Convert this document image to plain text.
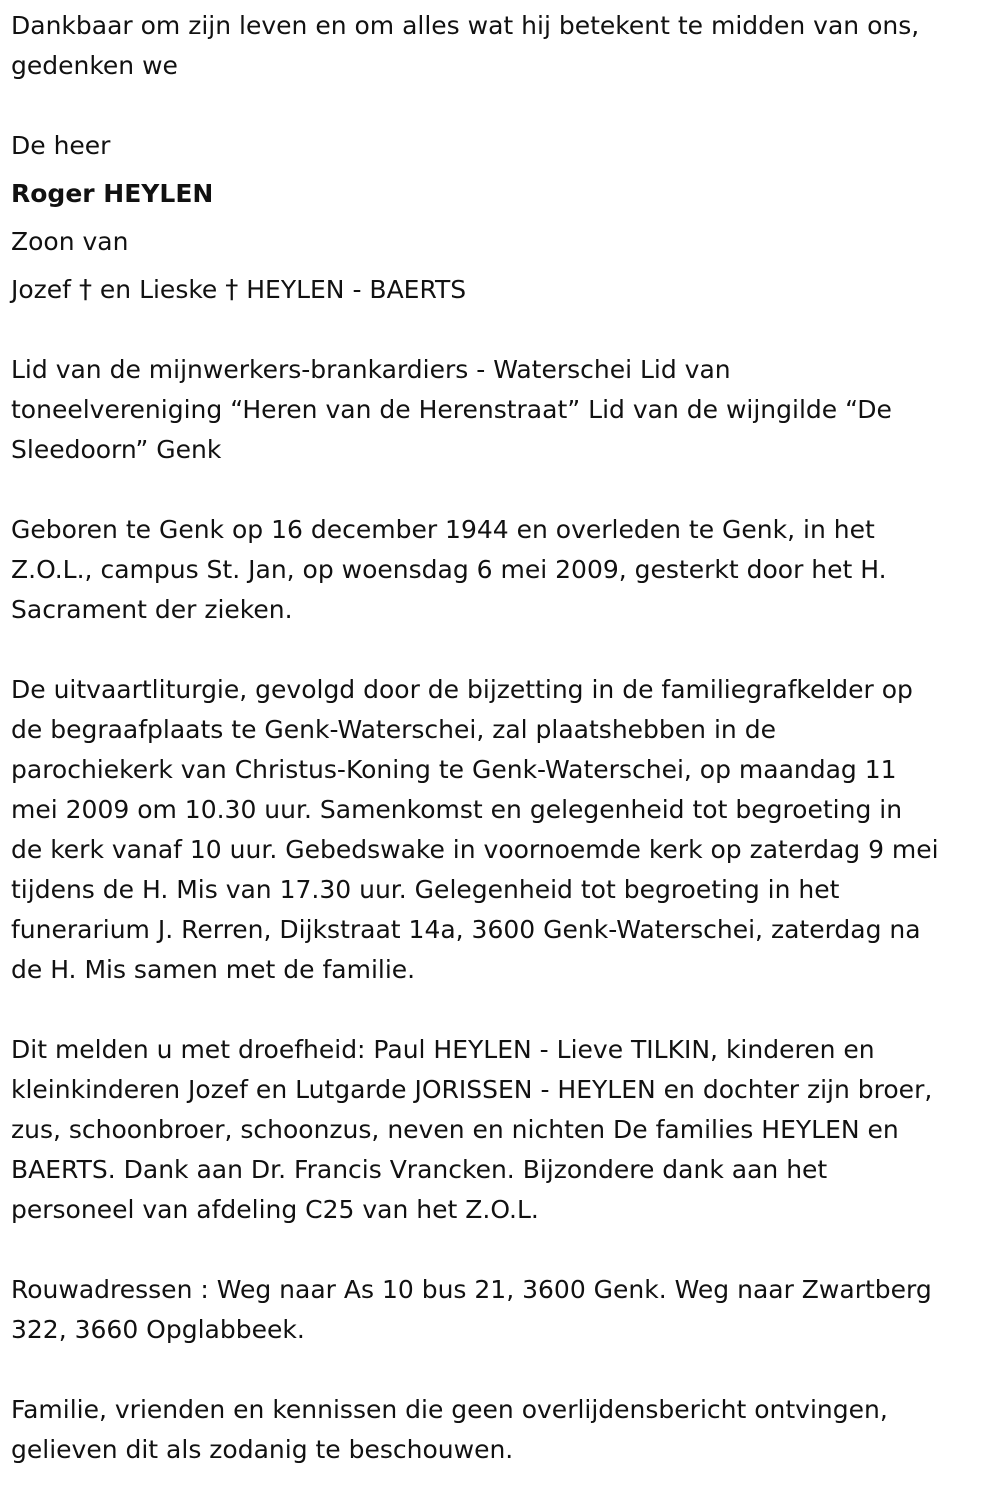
Dankbaar om zijn leven en om alles wat hij betekent te midden van ons,
gedenken we

De heer
Roger HEYLEN
Zoon van
Jozef † en Lieske † HEYLEN - BAERTS

Lid van de mijnwerkers-brankardiers - Waterschei Lid van
toneelvereniging “Heren van de Herenstraat” Lid van de wijngilde “De
Sleedoorn” Genk

Geboren te Genk op 16 december 1944 en overleden te Genk, in het
Z.O.L., campus St. Jan, op woensdag 6 mei 2009, gesterkt door het H.
Sacrament der zieken.

De uitvaartliturgie, gevolgd door de bijzetting in de familiegrafkelder op
de begraafplaats te Genk-Waterschei, zal plaatshebben in de
parochiekerk van Christus-Koning te Genk-Waterschei, op maandag 11
mei 2009 om 10.30 uur. Samenkomst en gelegenheid tot begroeting in
de kerk vanaf 10 uur. Gebedswake in voornoemde kerk op zaterdag 9 mei
tijdens de H. Mis van 17.30 uur. Gelegenheid tot begroeting in het
funerarium J. Rerren, Dijkstraat 14a, 3600 Genk-Waterschei, zaterdag na
de H. Mis samen met de familie.

Dit melden u met droefheid: Paul HEYLEN - Lieve TILKIN, kinderen en
kleinkinderen Jozef en Lutgarde JORISSEN - HEYLEN en dochter zijn broer,
zus, schoonbroer, schoonzus, neven en nichten De families HEYLEN en
BAERTS. Dank aan Dr. Francis Vrancken. Bijzondere dank aan het
personeel van afdeling C25 van het Z.O.L.

Rouwadressen : Weg naar As 10 bus 21, 3600 Genk. Weg naar Zwartberg
322, 3660 Opglabbeek.

Familie, vrienden en kennissen die geen overlijdensbericht ontvingen,
gelieven dit als zodanig te beschouwen.
